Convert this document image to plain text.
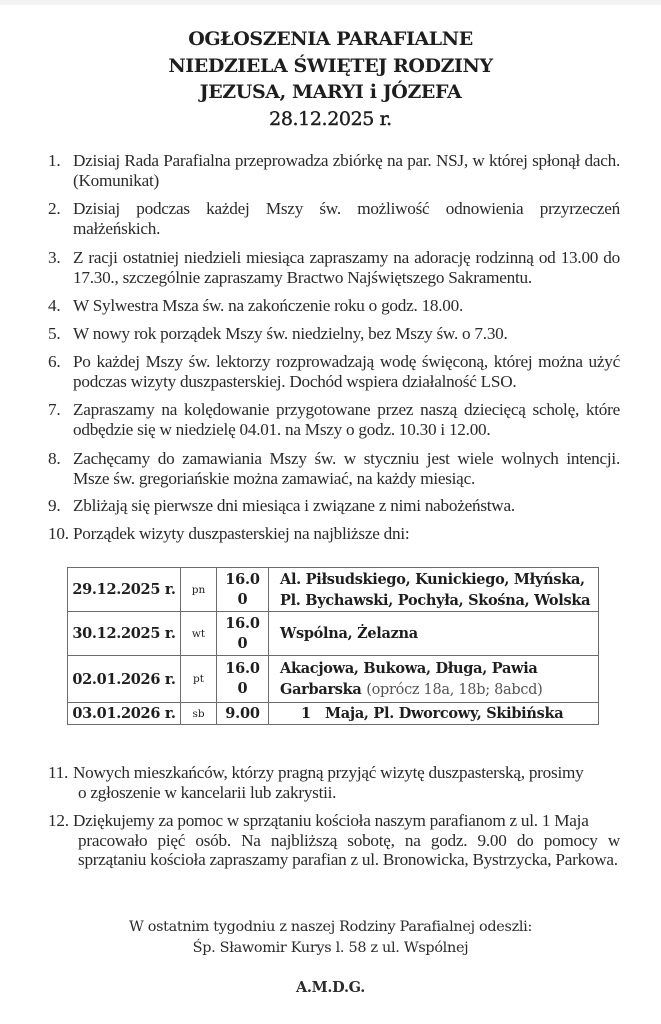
OGŁOSZENIA PARAFIALNE
NIEDZIELA ŚWIĘTEJ RODZINY
JEZUSA, MARYI i JÓZEFA
28.12.2025 r.
1. Dzisiaj Rada Parafialna przeprowadza zbiórkę na par. NSJ, w której spłonął dach. (Komunikat)
2. Dzisiaj podczas każdej Mszy św. możliwość odnowienia przyrzeczeń małżeńskich.
3. Z racji ostatniej niedzieli miesiąca zapraszamy na adorację rodzinną od 13.00 do 17.30., szczególnie zapraszamy Bractwo Najświętszego Sakramentu.
4. W Sylwestra Msza św. na zakończenie roku o godz. 18.00.
5. W nowy rok porządek Mszy św. niedzielny, bez Mszy św. o 7.30.
6. Po każdej Mszy św. lektorzy rozprowadzają wodę święconą, której można użyć podczas wizyty duszpasterskiej. Dochód wspiera działalność LSO.
7. Zapraszamy na kolędowanie przygotowane przez naszą dziecięcą scholę, które odbędzie się w niedzielę 04.01. na Mszy o godz. 10.30 i 12.00.
8. Zachęcamy do zamawiania Mszy św. w styczniu jest wiele wolnych intencji. Msze św. gregoriańskie można zamawiać, na każdy miesiąc.
9. Zbliżają się pierwsze dni miesiąca i związane z nimi nabożeństwa.
10. Porządek wizyty duszpasterskiej na najbliższe dni:
11. Nowych mieszkańców, którzy pragną przyjąć wizytę duszpasterską, prosimy
o zgłoszenie w kancelarii lub zakrystii.
12. Dziękujemy za pomoc w sprzątaniu kościoła naszym parafianom z ul. 1 Maja
pracowało pięć osób. Na najbliższą sobotę, na godz. 9.00 do pomocy w sprzątaniu kościoła zapraszamy parafian z ul. Bronowicka, Bystrzycka, Parkowa.
29.12.2025 r.	pn	16.00	Al. Piłsudskiego, Kunickiego, Młyńska, Pl. Bychawski, Pochyła, Skośna, Wolska
30.12.2025 r.	wt	16.00	Wspólna, Żelazna
02.01.2026 r.	pt	16.00	Akacjowa, Bukowa, Długa, Pawia Garbarska (oprócz 18a, 18b; 8abcd)
03.01.2026 r.	sb	9.00	1   Maja, Pl. Dworcowy, Skibińska
W ostatnim tygodniu z naszej Rodziny Parafialnej odeszli:
Śp. Sławomir Kurys l. 58 z ul. Wspólnej
A.M.D.G.
